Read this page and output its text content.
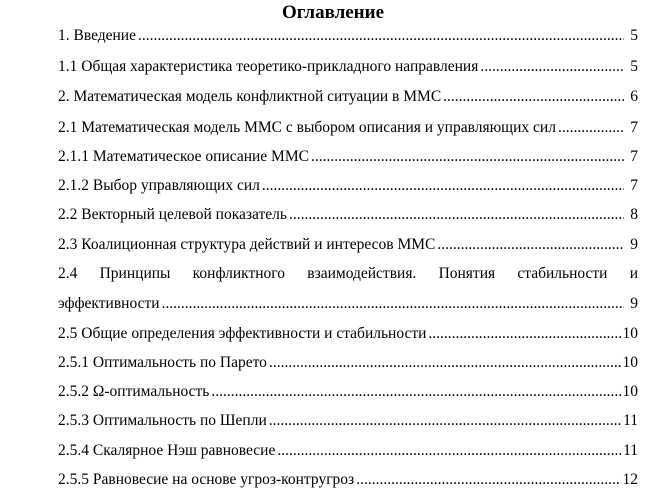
Оглавление
1. Введение .....	5
1.1 Общая характеристика теоретико-прикладного направления .....	5
2. Математическая модель конфликтной ситуации в ММС .....	6
2.1 Математическая модель ММС с выбором описания и управляющих сил .....	7
2.1.1 Математическое описание ММС .....	7
2.1.2 Выбор управляющих сил .....	7
2.2 Векторный целевой показатель .....	8
2.3 Коалиционная структура действий и интересов ММС .....	9
2.4 Принципы конфликтного взаимодействия. Понятия стабильности и
эффективности .....	9
2.5 Общие определения эффективности и стабильности .....	10
2.5.1 Оптимальность по Парето .....	10
2.5.2 Ω-оптимальность .....	10
2.5.3 Оптимальность по Шепли .....	11
2.5.4 Скалярное Нэш равновесие .....	11
2.5.5 Равновесие на основе угроз-контругроз .....	12
